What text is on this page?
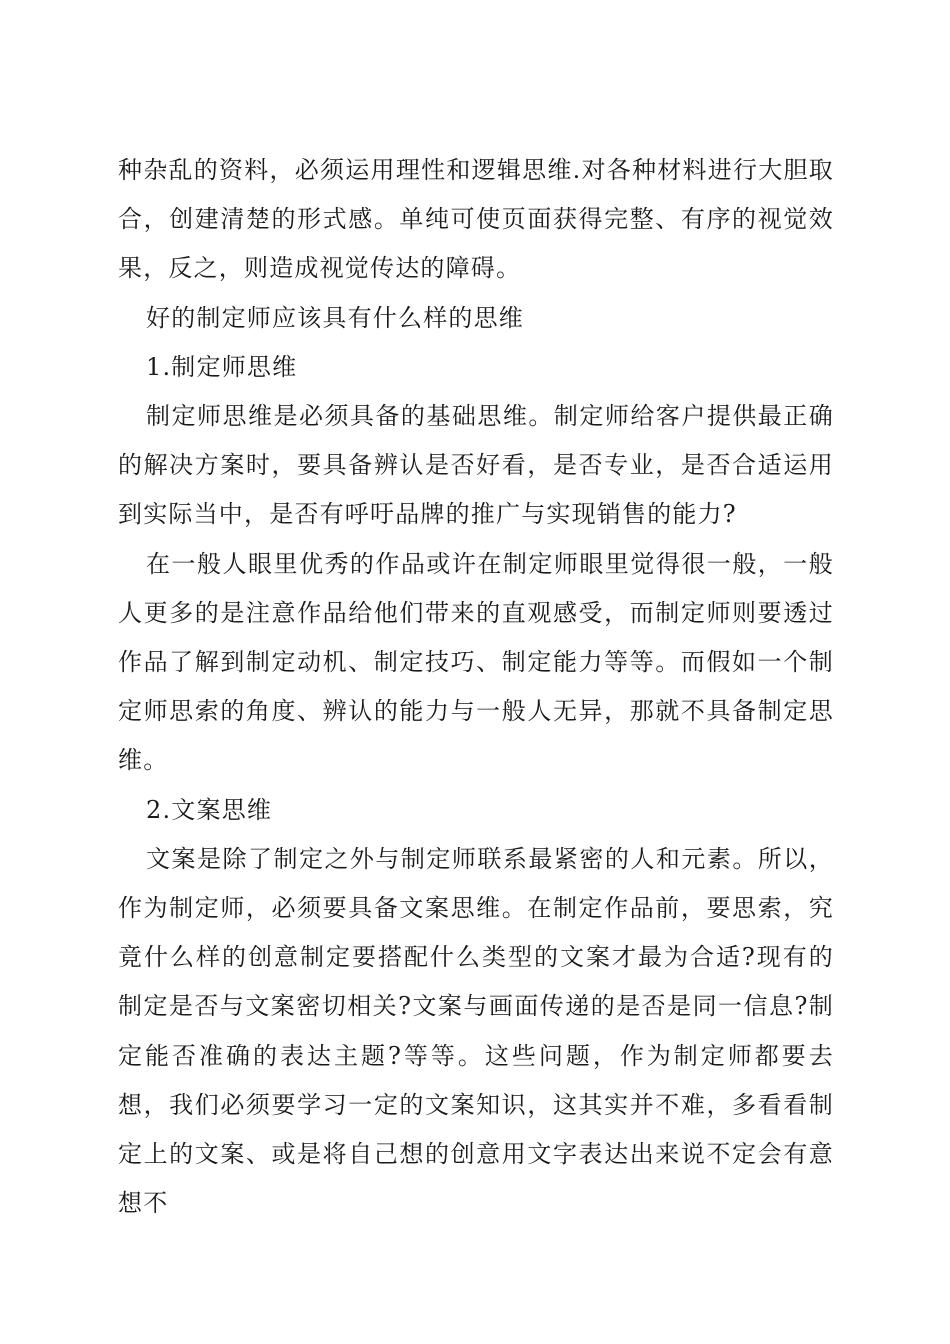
种杂乱的资料，必须运用理性和逻辑思维.对各种材料进行大胆取合，创建清楚的形式感。单纯可使页面获得完整、有序的视觉效果，反之，则造成视觉传达的障碍。

好的制定师应该具有什么样的思维

1.制定师思维

制定师思维是必须具备的基础思维。制定师给客户提供最正确的解决方案时，要具备辨认是否好看，是否专业，是否合适运用到实际当中，是否有呼吁品牌的推广与实现销售的能力?

在一般人眼里优秀的作品或许在制定师眼里觉得很一般，一般人更多的是注意作品给他们带来的直观感受，而制定师则要透过作品了解到制定动机、制定技巧、制定能力等等。而假如一个制定师思索的角度、辨认的能力与一般人无异，那就不具备制定思维。

2.文案思维

文案是除了制定之外与制定师联系最紧密的人和元素。所以，作为制定师，必须要具备文案思维。在制定作品前，要思索，究竟什么样的创意制定要搭配什么类型的文案才最为合适?现有的制定是否与文案密切相关?文案与画面传递的是否是同一信息?制定能否准确的表达主题?等等。这些问题，作为制定师都要去想，我们必须要学习一定的文案知识，这其实并不难，多看看制定上的文案、或是将自己想的创意用文字表达出来说不定会有意想不
